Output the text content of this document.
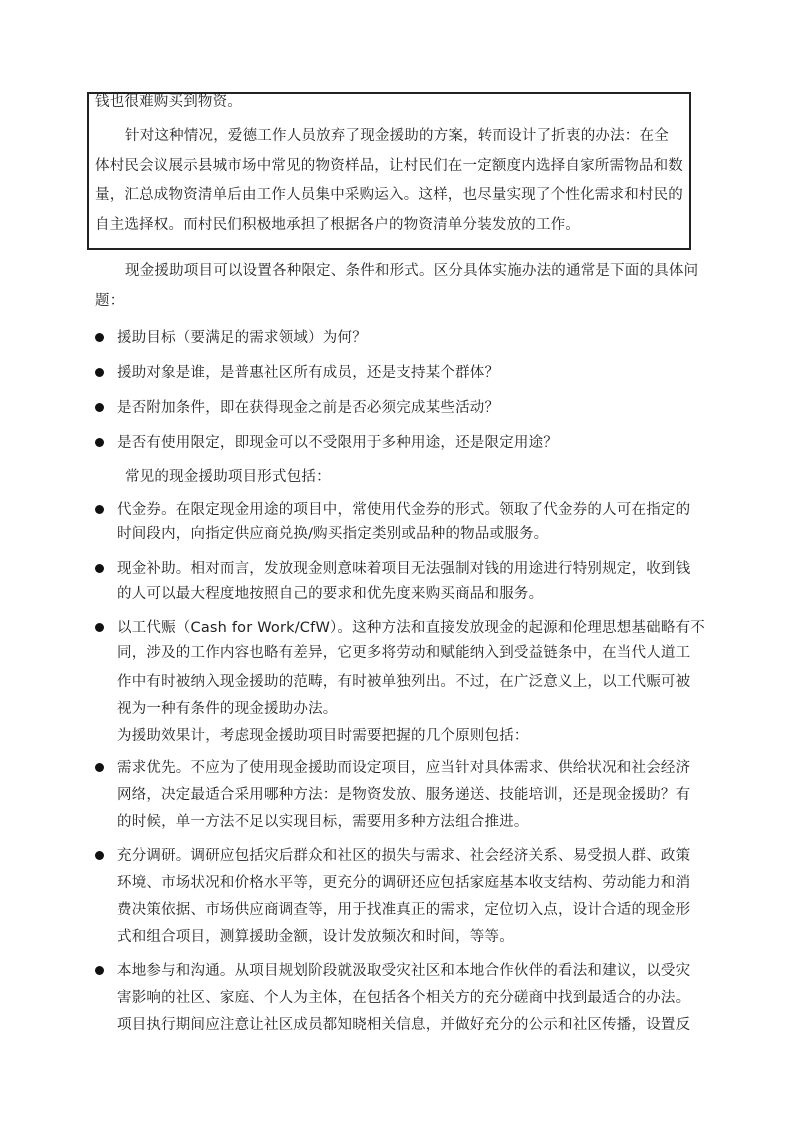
钱也很难购买到物资。
针对这种情况，爱德工作人员放弃了现金援助的方案，转而设计了折衷的办法：在全
体村民会议展示县城市场中常见的物资样品，让村民们在一定额度内选择自家所需物品和数
量，汇总成物资清单后由工作人员集中采购运入。这样，也尽量实现了个性化需求和村民的
自主选择权。而村民们积极地承担了根据各户的物资清单分装发放的工作。
现金援助项目可以设置各种限定、条件和形式。区分具体实施办法的通常是下面的具体问
题：
援助目标（要满足的需求领域）为何？
援助对象是谁，是普惠社区所有成员，还是支持某个群体？
是否附加条件，即在获得现金之前是否必须完成某些活动？
是否有使用限定，即现金可以不受限用于多种用途，还是限定用途？
常见的现金援助项目形式包括：
代金券。在限定现金用途的项目中，常使用代金券的形式。领取了代金券的人可在指定的
时间段内，向指定供应商兑换/购买指定类别或品种的物品或服务。
现金补助。相对而言，发放现金则意味着项目无法强制对钱的用途进行特别规定，收到钱
的人可以最大程度地按照自己的要求和优先度来购买商品和服务。
以工代赈（Cash for Work/CfW）。这种方法和直接发放现金的起源和伦理思想基础略有不
同，涉及的工作内容也略有差异，它更多将劳动和赋能纳入到受益链条中，在当代人道工
作中有时被纳入现金援助的范畴，有时被单独列出。不过，在广泛意义上，以工代赈可被
视为一种有条件的现金援助办法。
为援助效果计，考虑现金援助项目时需要把握的几个原则包括：
需求优先。不应为了使用现金援助而设定项目，应当针对具体需求、供给状况和社会经济
网络，决定最适合采用哪种方法：是物资发放、服务递送、技能培训，还是现金援助？有
的时候，单一方法不足以实现目标，需要用多种方法组合推进。
充分调研。调研应包括灾后群众和社区的损失与需求、社会经济关系、易受损人群、政策
环境、市场状况和价格水平等，更充分的调研还应包括家庭基本收支结构、劳动能力和消
费决策依据、市场供应商调查等，用于找准真正的需求，定位切入点，设计合适的现金形
式和组合项目，测算援助金额，设计发放频次和时间，等等。
本地参与和沟通。从项目规划阶段就汲取受灾社区和本地合作伙伴的看法和建议，以受灾
害影响的社区、家庭、个人为主体，在包括各个相关方的充分磋商中找到最适合的办法。
项目执行期间应注意让社区成员都知晓相关信息，并做好充分的公示和社区传播，设置反
